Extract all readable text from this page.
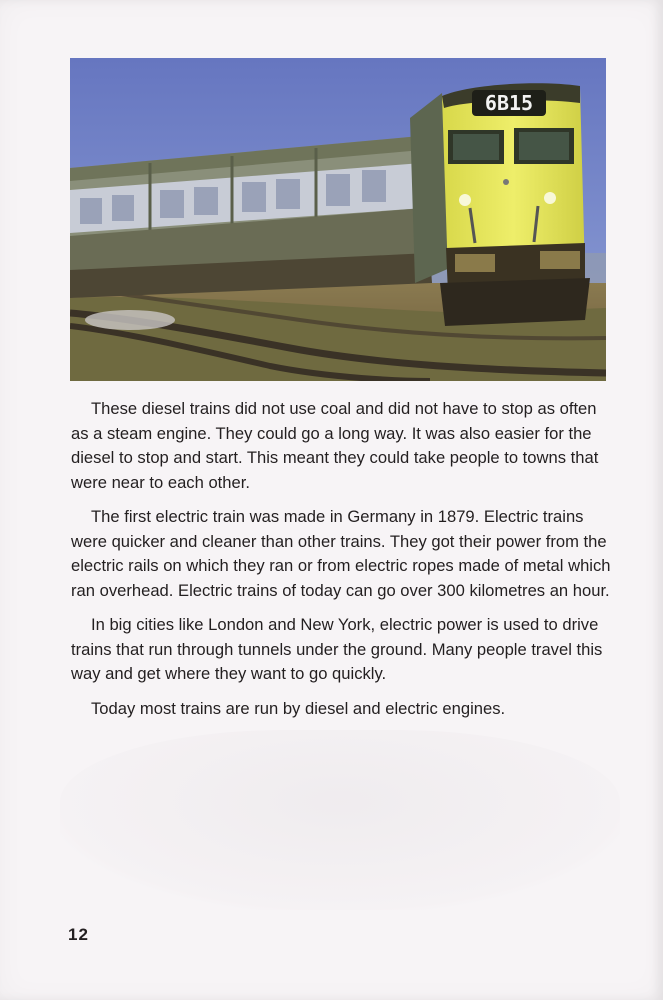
6B15

These diesel trains did not use coal and did not have to stop as often as a steam engine. They could go a long way. It was also easier for the diesel to stop and start. This meant they could take people to towns that were near to each other.

The first electric train was made in Germany in 1879. Electric trains were quicker and cleaner than other trains. They got their power from the electric rails on which they ran or from electric ropes made of metal which ran overhead. Electric trains of today can go over 300 kilometres an hour.

In big cities like London and New York, electric power is used to drive trains that run through tunnels under the ground. Many people travel this way and get where they want to go quickly.

Today most trains are run by diesel and electric engines.

12
